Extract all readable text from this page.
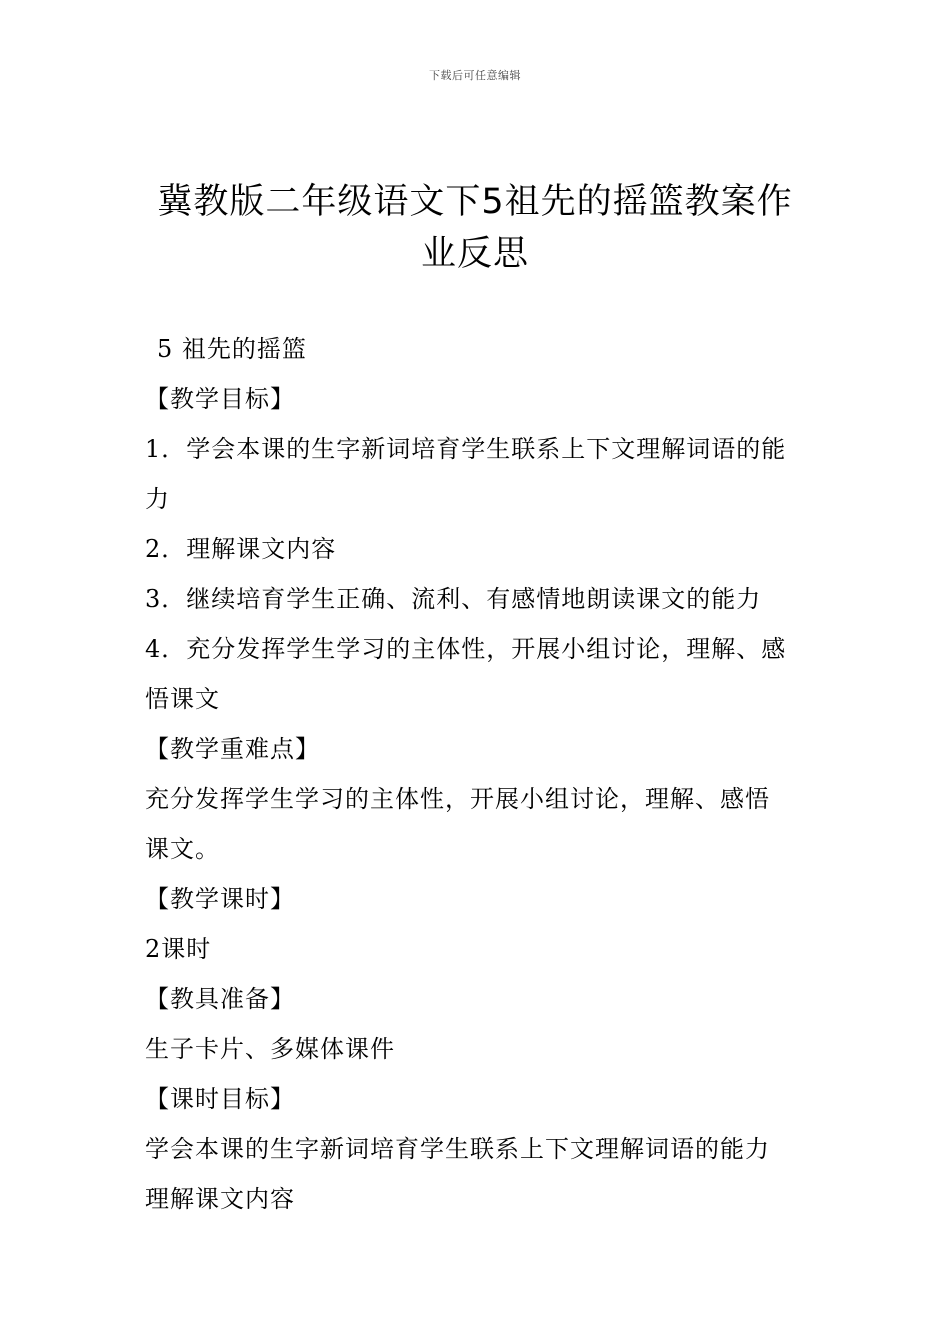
下载后可任意编辑
冀教版二年级语文下5祖先的摇篮教案作
业反思
5 祖先的摇篮
【教学目标】
1．学会本课的生字新词培育学生联系上下文理解词语的能
力
2．理解课文内容
3．继续培育学生正确、流利、有感情地朗读课文的能力
4．充分发挥学生学习的主体性，开展小组讨论，理解、感
悟课文
【教学重难点】
充分发挥学生学习的主体性，开展小组讨论，理解、感悟
课文。
【教学课时】
2课时
【教具准备】
生子卡片、多媒体课件
【课时目标】
学会本课的生字新词培育学生联系上下文理解词语的能力
理解课文内容
